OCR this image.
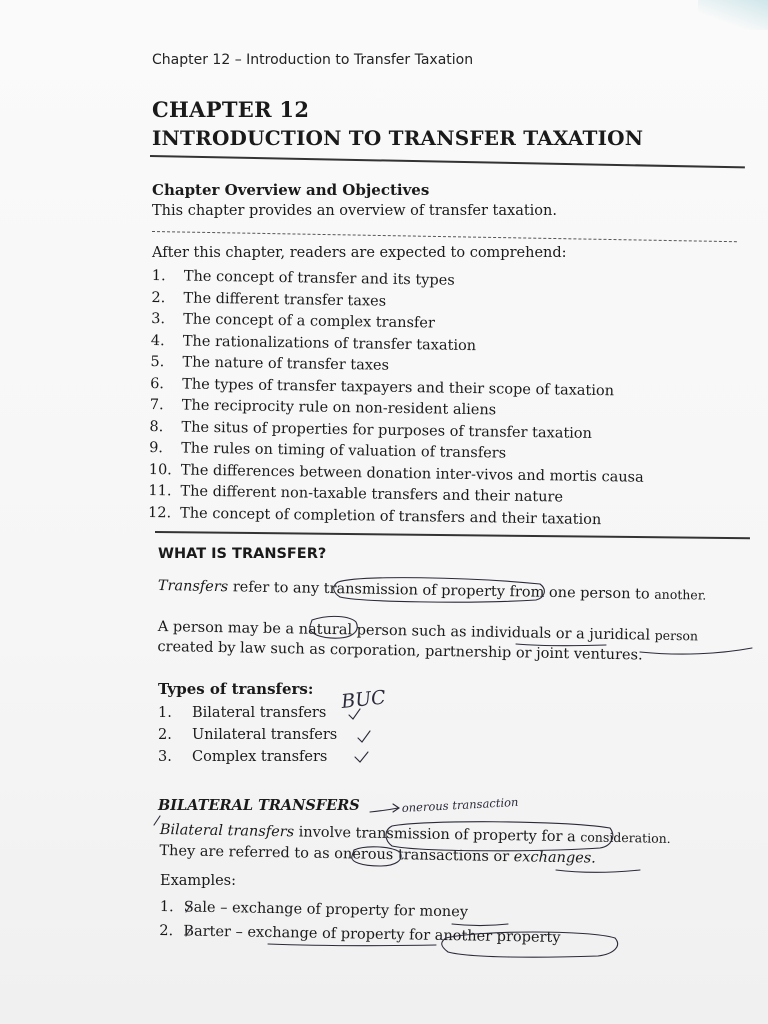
Chapter 12 – Introduction to Transfer Taxation
CHAPTER 12
INTRODUCTION TO TRANSFER TAXATION
Chapter Overview and Objectives
This chapter provides an overview of transfer taxation.
After this chapter, readers are expected to comprehend:
1. The concept of transfer and its types
2. The different transfer taxes
3. The concept of a complex transfer
4. The rationalizations of transfer taxation
5. The nature of transfer taxes
6. The types of transfer taxpayers and their scope of taxation
7. The reciprocity rule on non-resident aliens
8. The situs of properties for purposes of transfer taxation
9. The rules on timing of valuation of transfers
10. The differences between donation inter-vivos and mortis causa
11. The different non-taxable transfers and their nature
12. The concept of completion of transfers and their taxation
WHAT IS TRANSFER?
Transfers refer to any transmission of property from one person to another.
A person may be a natural person such as individuals or a juridical person
created by law such as corporation, partnership or joint ventures.
Types of transfers:
1. Bilateral transfers
2. Unilateral transfers
3. Complex transfers
BILATERAL TRANSFERS
Bilateral transfers involve transmission of property for a consideration.
They are referred to as onerous transactions or exchanges.
Examples:
1. Sale – exchange of property for money
2. Barter – exchange of property for another property
BUC
onerous transaction
